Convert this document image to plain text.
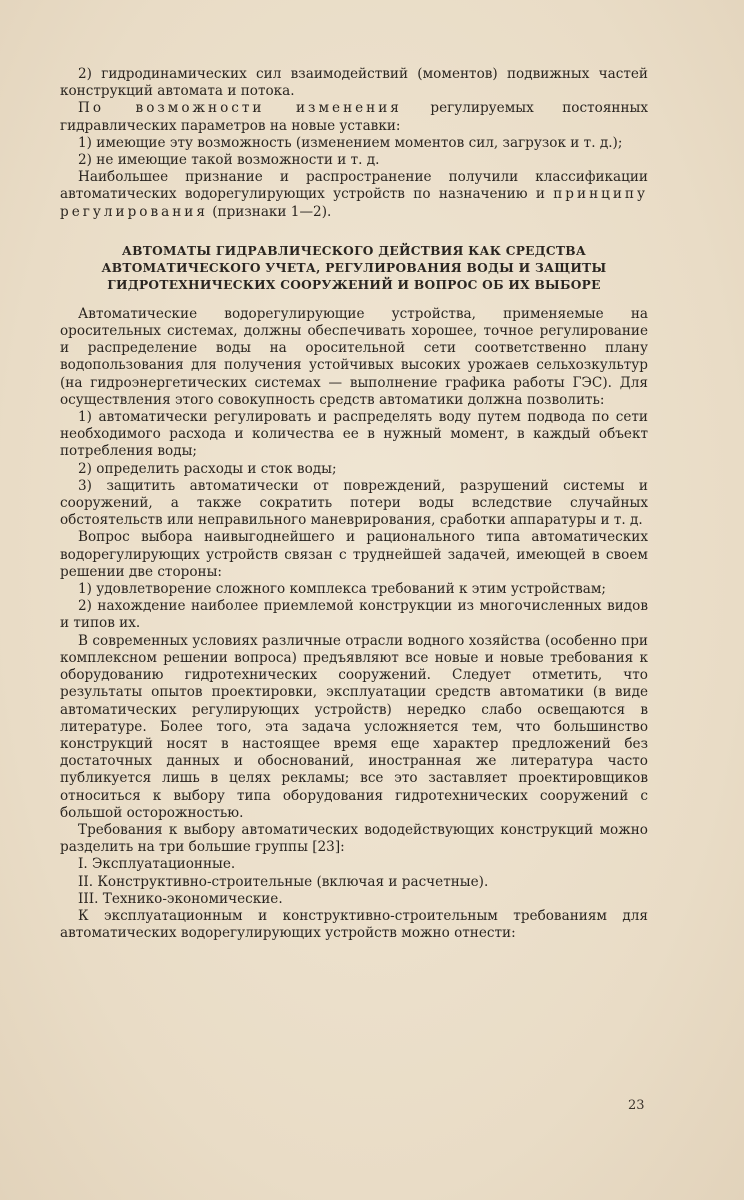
2) гидродинамических сил взаимодействий (моментов) подвижных частей конструкций автомата и потока.

По возможности изменения регулируемых постоянных гидравлических параметров на новые уставки:

1) имеющие эту возможность (изменением моментов сил, загрузок и т. д.);

2) не имеющие такой возможности и т. д.

Наибольшее признание и распространение получили классификации автоматических водорегулирующих устройств по назначению и принципу регулирования (признаки 1—2).

АВТОМАТЫ ГИДРАВЛИЧЕСКОГО ДЕЙСТВИЯ КАК СРЕДСТВА
АВТОМАТИЧЕСКОГО УЧЕТА, РЕГУЛИРОВАНИЯ ВОДЫ И ЗАЩИТЫ
ГИДРОТЕХНИЧЕСКИХ СООРУЖЕНИЙ И ВОПРОС ОБ ИХ ВЫБОРЕ

Автоматические водорегулирующие устройства, применяемые на оросительных системах, должны обеспечивать хорошее, точное регулирование и распределение воды на оросительной сети соответственно плану водопользования для получения устойчивых высоких урожаев сельхозкультур (на гидроэнергетических системах — выполнение графика работы ГЭС). Для осуществления этого совокупность средств автоматики должна позволить:

1) автоматически регулировать и распределять воду путем подвода по сети необходимого расхода и количества ее в нужный момент, в каждый объект потребления воды;

2) определить расходы и сток воды;

3) защитить автоматически от повреждений, разрушений системы и сооружений, а также сократить потери воды вследствие случайных обстоятельств или неправильного маневрирования, сработки аппаратуры и т. д.

Вопрос выбора наивыгоднейшего и рационального типа автоматических водорегулирующих устройств связан с труднейшей задачей, имеющей в своем решении две стороны:

1) удовлетворение сложного комплекса требований к этим устройствам;

2) нахождение наиболее приемлемой конструкции из многочисленных видов и типов их.

В современных условиях различные отрасли водного хозяйства (особенно при комплексном решении вопроса) предъявляют все новые и новые требования к оборудованию гидротехнических сооружений. Следует отметить, что результаты опытов проектировки, эксплуатации средств автоматики (в виде автоматических регулирующих устройств) нередко слабо освещаются в литературе. Более того, эта задача усложняется тем, что большинство конструкций носят в настоящее время еще характер предложений без достаточных данных и обоснований, иностранная же литература часто публикуется лишь в целях рекламы; все это заставляет проектировщиков относиться к выбору типа оборудования гидротехнических сооружений с большой осторожностью.

Требования к выбору автоматических вододействующих конструкций можно разделить на три большие группы [23]:

I. Эксплуатационные.

II. Конструктивно-строительные (включая и расчетные).

III. Технико-экономические.

К эксплуатационным и конструктивно-строительным требованиям для автоматических водорегулирующих устройств можно отнести:

23
